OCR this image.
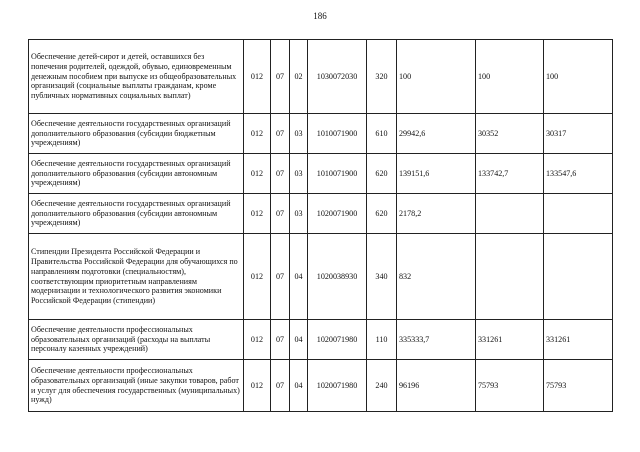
186
Обеспечение детей-сирот и детей, оставшихся без попечения родителей, одеждой, обувью, единовременным денежным пособием при выпуске из общеобразовательных организаций (социальные выплаты гражданам, кроме публичных нормативных социальных выплат)	012	07	02	1030072030	320	100	100	100
Обеспечение деятельности государственных организаций дополнительного образования (субсидии бюджетным учреждениям)	012	07	03	1010071900	610	29942,6	30352	30317
Обеспечение деятельности государственных организаций дополнительного образования (субсидии автономным учреждениям)	012	07	03	1010071900	620	139151,6	133742,7	133547,6
Обеспечение деятельности государственных организаций дополнительного образования (субсидии автономным учреждениям)	012	07	03	1020071900	620	2178,2		
Стипендии Президента Российской Федерации и Правительства Российской Федерации для обучающихся по направлениям подготовки (специальностям), соответствующим приоритетным направлениям модернизации и технологического развития экономики Российской Федерации (стипендии)	012	07	04	1020038930	340	832		
Обеспечение деятельности профессиональных образовательных организаций (расходы на выплаты персоналу казенных учреждений)	012	07	04	1020071980	110	335333,7	331261	331261
Обеспечение деятельности профессиональных образовательных организаций (иные закупки товаров, работ и услуг для обеспечения государственных (муниципальных) нужд)	012	07	04	1020071980	240	96196	75793	75793
